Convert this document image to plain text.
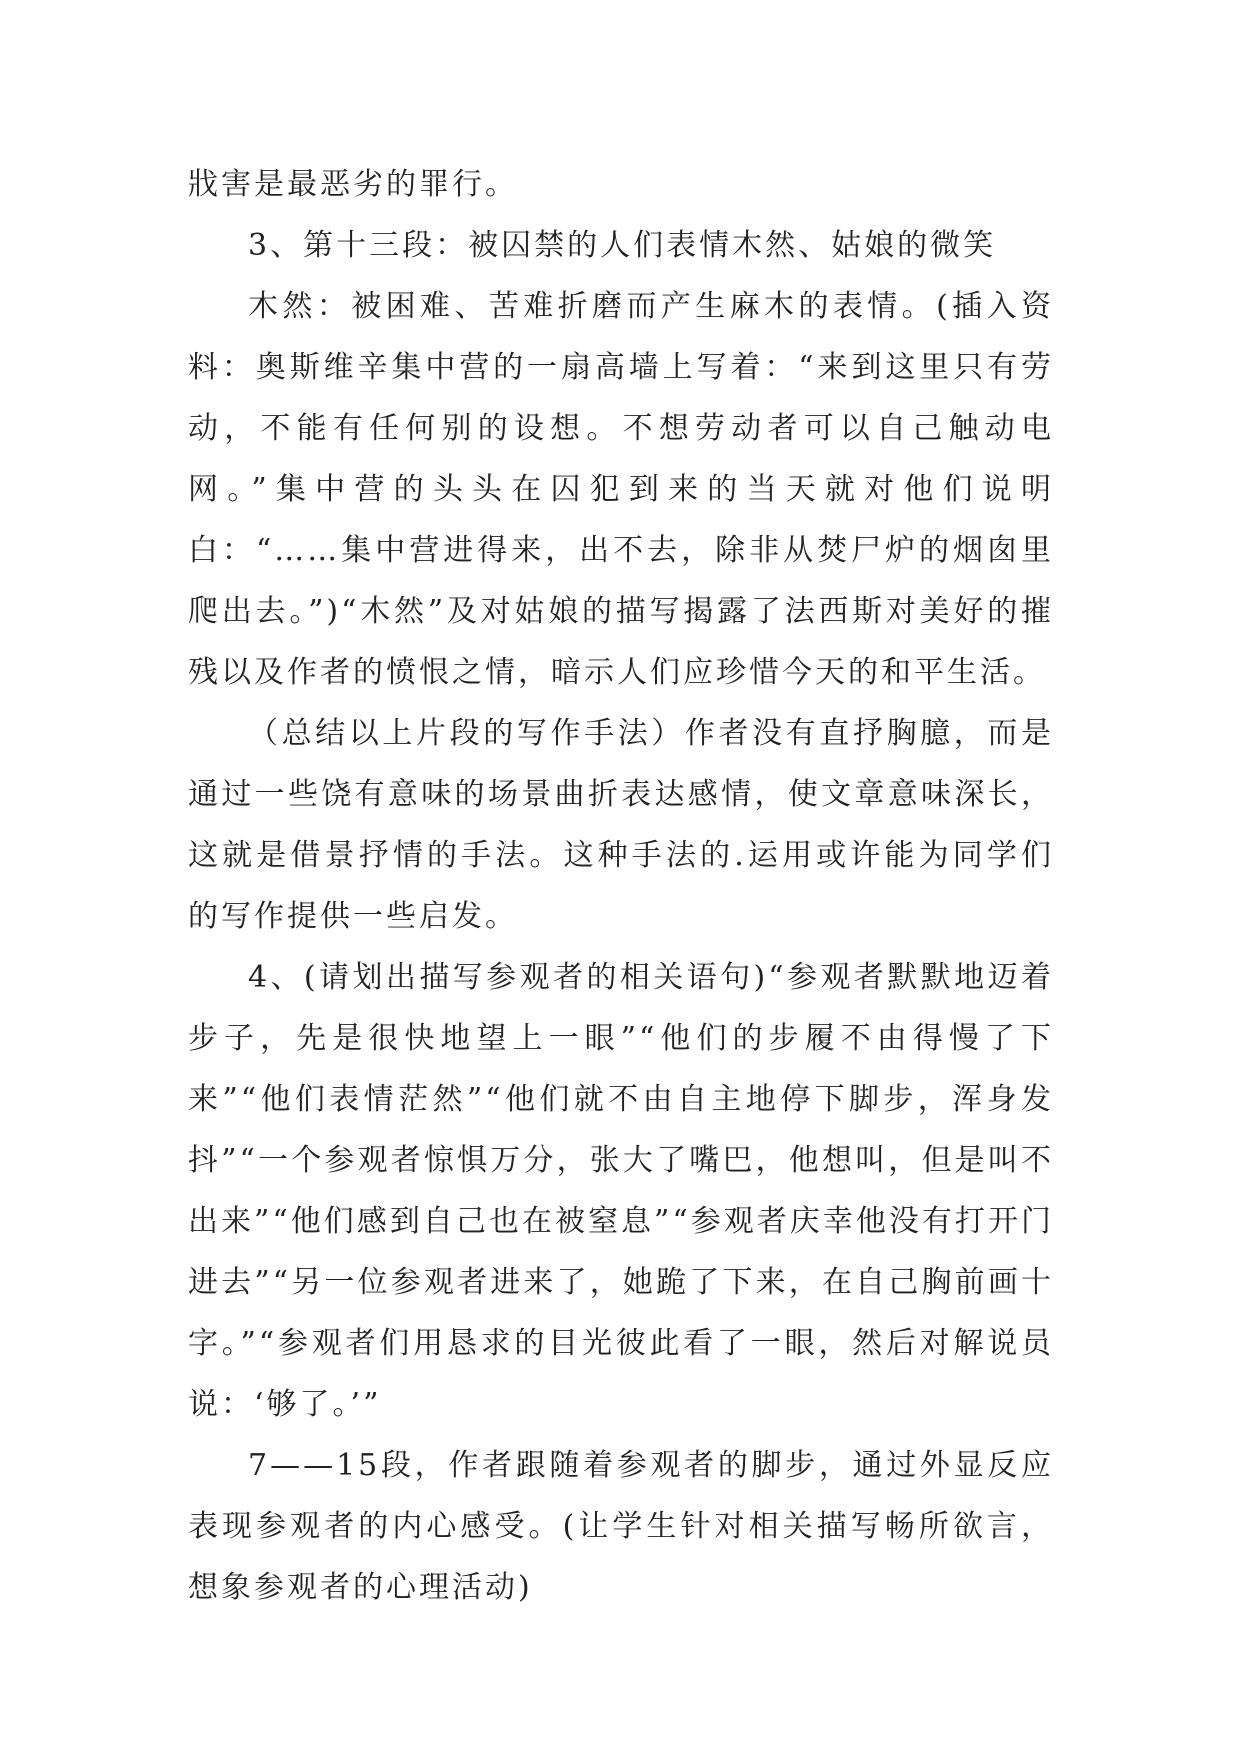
戕害是最恶劣的罪行。

3、第十三段：被囚禁的人们表情木然、姑娘的微笑

木然：被困难、苦难折磨而产生麻木的表情。(插入资料：奥斯维辛集中营的一扇高墙上写着：“来到这里只有劳动，不能有任何别的设想。不想劳动者可以自己触动电网。”集中营的头头在囚犯到来的当天就对他们说明白：“……集中营进得来，出不去，除非从焚尸炉的烟囱里爬出去。”)“木然”及对姑娘的描写揭露了法西斯对美好的摧残以及作者的愤恨之情，暗示人们应珍惜今天的和平生活。

（总结以上片段的写作手法）作者没有直抒胸臆，而是通过一些饶有意味的场景曲折表达感情，使文章意味深长，这就是借景抒情的手法。这种手法的.运用或许能为同学们的写作提供一些启发。

4、(请划出描写参观者的相关语句)“参观者默默地迈着步子，先是很快地望上一眼”“他们的步履不由得慢了下来”“他们表情茫然”“他们就不由自主地停下脚步，浑身发抖”“一个参观者惊惧万分，张大了嘴巴，他想叫，但是叫不出来”“他们感到自己也在被窒息”“参观者庆幸他没有打开门进去”“另一位参观者进来了，她跪了下来，在自己胸前画十字。”“参观者们用恳求的目光彼此看了一眼，然后对解说员说：‘够了。’”

7——15段，作者跟随着参观者的脚步，通过外显反应表现参观者的内心感受。(让学生针对相关描写畅所欲言，想象参观者的心理活动)
